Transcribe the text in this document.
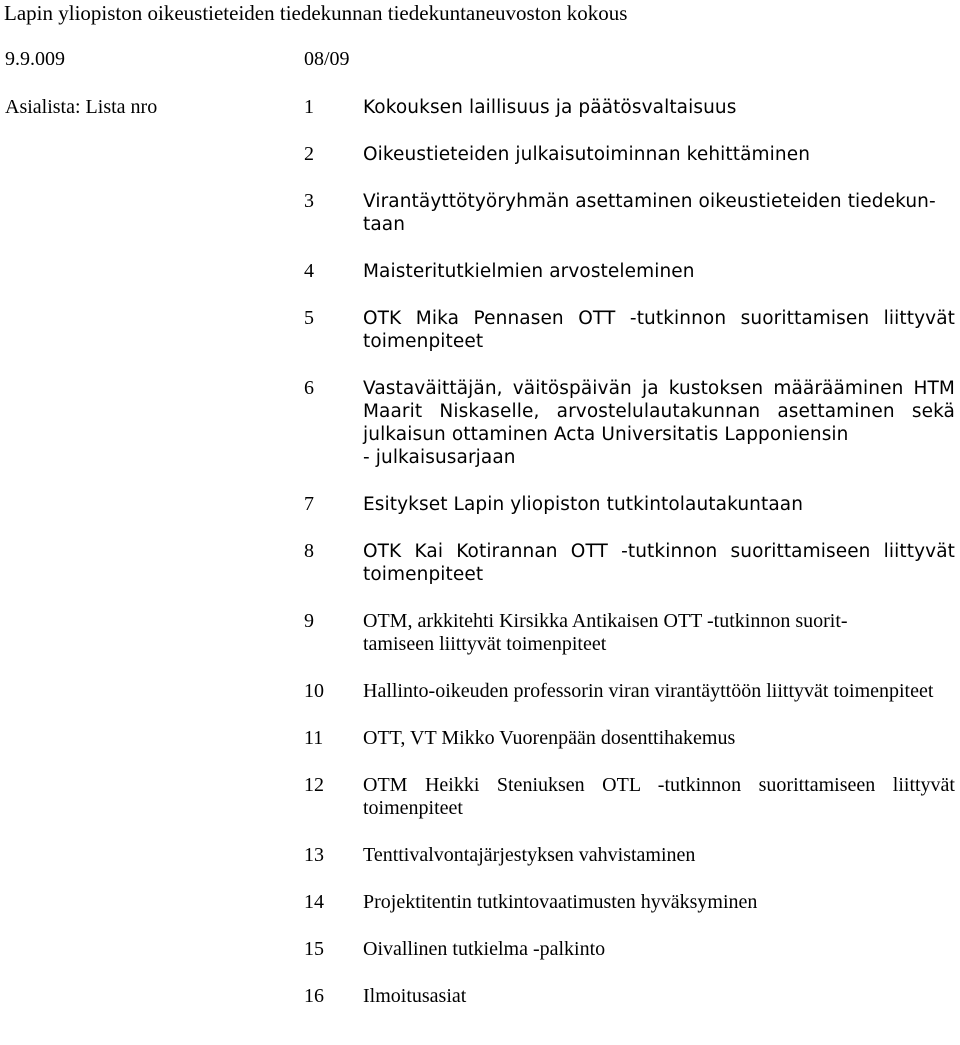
Lapin yliopiston oikeustieteiden tiedekunnan tiedekuntaneuvoston kokous
9.9.009	08/09
Asialista: Lista nro	1	Kokouksen laillisuus ja päätösvaltaisuus
2	Oikeustieteiden julkaisutoiminnan kehittäminen
3	Virantäyttötyöryhmän asettaminen oikeustieteiden tiedekun-
taan
4	Maisteritutkielmien arvosteleminen
5	OTK Mika Pennasen OTT -tutkinnon suorittamisen liittyvät toimenpiteet
6	Vastaväittäjän, väitöspäivän ja kustoksen määrääminen HTM Maarit Niskaselle, arvostelulautakunnan asettaminen sekä julkaisun ottaminen Acta Universitatis Lapponiensin
- julkaisusarjaan
7	Esitykset Lapin yliopiston tutkintolautakuntaan
8	OTK Kai Kotirannan OTT -tutkinnon suorittamiseen liittyvät toimenpiteet
9 OTM, arkkitehti Kirsikka Antikaisen OTT -tutkinnon suorit-
tamiseen liittyvät toimenpiteet
10 Hallinto-oikeuden professorin viran virantäyttöön liittyvät toimenpiteet
11 OTT, VT Mikko Vuorenpään dosenttihakemus
12 OTM Heikki Steniuksen OTL -tutkinnon suorittamiseen liittyvät toimenpiteet
13 Tenttivalvontajärjestyksen vahvistaminen
14 Projektitentin tutkintovaatimusten hyväksyminen
15 Oivallinen tutkielma -palkinto
16 Ilmoitusasiat
